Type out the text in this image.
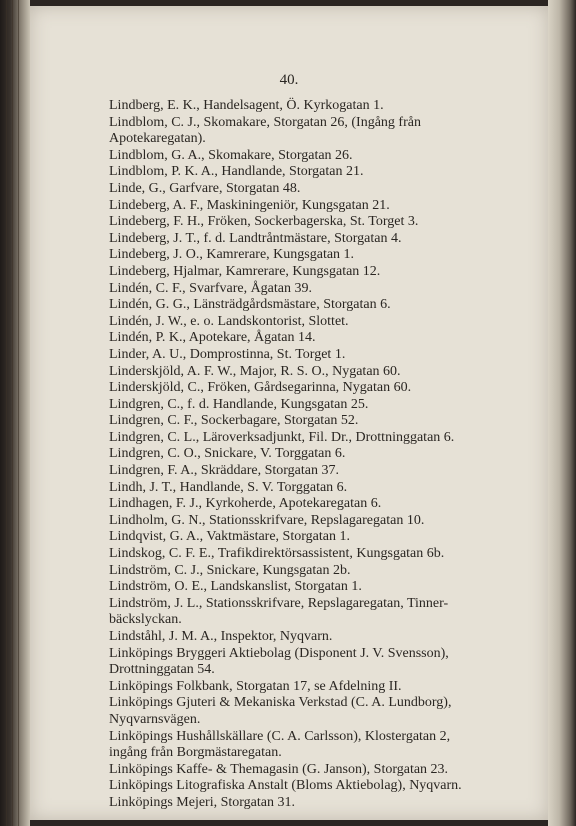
40.
Lindberg, E. K., Handelsagent, Ö. Kyrkogatan 1.
Lindblom, C. J., Skomakare, Storgatan 26, (Ingång från
Apotekaregatan).
Lindblom, G. A., Skomakare, Storgatan 26.
Lindblom, P. K. A., Handlande, Storgatan 21.
Linde, G., Garfvare, Storgatan 48.
Lindeberg, A. F., Maskiningeniör, Kungsgatan 21.
Lindeberg, F. H., Fröken, Sockerbagerska, St. Torget 3.
Lindeberg, J. T., f. d. Landtråntmästare, Storgatan 4.
Lindeberg, J. O., Kamrerare, Kungsgatan 1.
Lindeberg, Hjalmar, Kamrerare, Kungsgatan 12.
Lindén, C. F., Svarfvare, Ågatan 39.
Lindén, G. G., Länsträdgårdsmästare, Storgatan 6.
Lindén, J. W., e. o. Landskontorist, Slottet.
Lindén, P. K., Apotekare, Ågatan 14.
Linder, A. U., Domprostinna, St. Torget 1.
Linderskjöld, A. F. W., Major, R. S. O., Nygatan 60.
Linderskjöld, C., Fröken, Gårdsegarinna, Nygatan 60.
Lindgren, C., f. d. Handlande, Kungsgatan 25.
Lindgren, C. F., Sockerbagare, Storgatan 52.
Lindgren, C. L., Läroverksadjunkt, Fil. Dr., Drottninggatan 6.
Lindgren, C. O., Snickare, V. Torggatan 6.
Lindgren, F. A., Skräddare, Storgatan 37.
Lindh, J. T., Handlande, S. V. Torggatan 6.
Lindhagen, F. J., Kyrkoherde, Apotekaregatan 6.
Lindholm, G. N., Stationsskrifvare, Repslagaregatan 10.
Lindqvist, G. A., Vaktmästare, Storgatan 1.
Lindskog, C. F. E., Trafikdirektörsassistent, Kungsgatan 6b.
Lindström, C. J., Snickare, Kungsgatan 2b.
Lindström, O. E., Landskanslist, Storgatan 1.
Lindström, J. L., Stationsskrifvare, Repslagaregatan, Tinner-
bäckslyckan.
Lindståhl, J. M. A., Inspektor, Nyqvarn.
Linköpings Bryggeri Aktiebolag (Disponent J. V. Svensson),
Drottninggatan 54.
Linköpings Folkbank, Storgatan 17, se Afdelning II.
Linköpings Gjuteri & Mekaniska Verkstad (C. A. Lundborg),
Nyqvarnsvägen.
Linköpings Hushållskällare (C. A. Carlsson), Klostergatan 2,
ingång från Borgmästaregatan.
Linköpings Kaffe- & Themagasin (G. Janson), Storgatan 23.
Linköpings Litografiska Anstalt (Bloms Aktiebolag), Nyqvarn.
Linköpings Mejeri, Storgatan 31.
